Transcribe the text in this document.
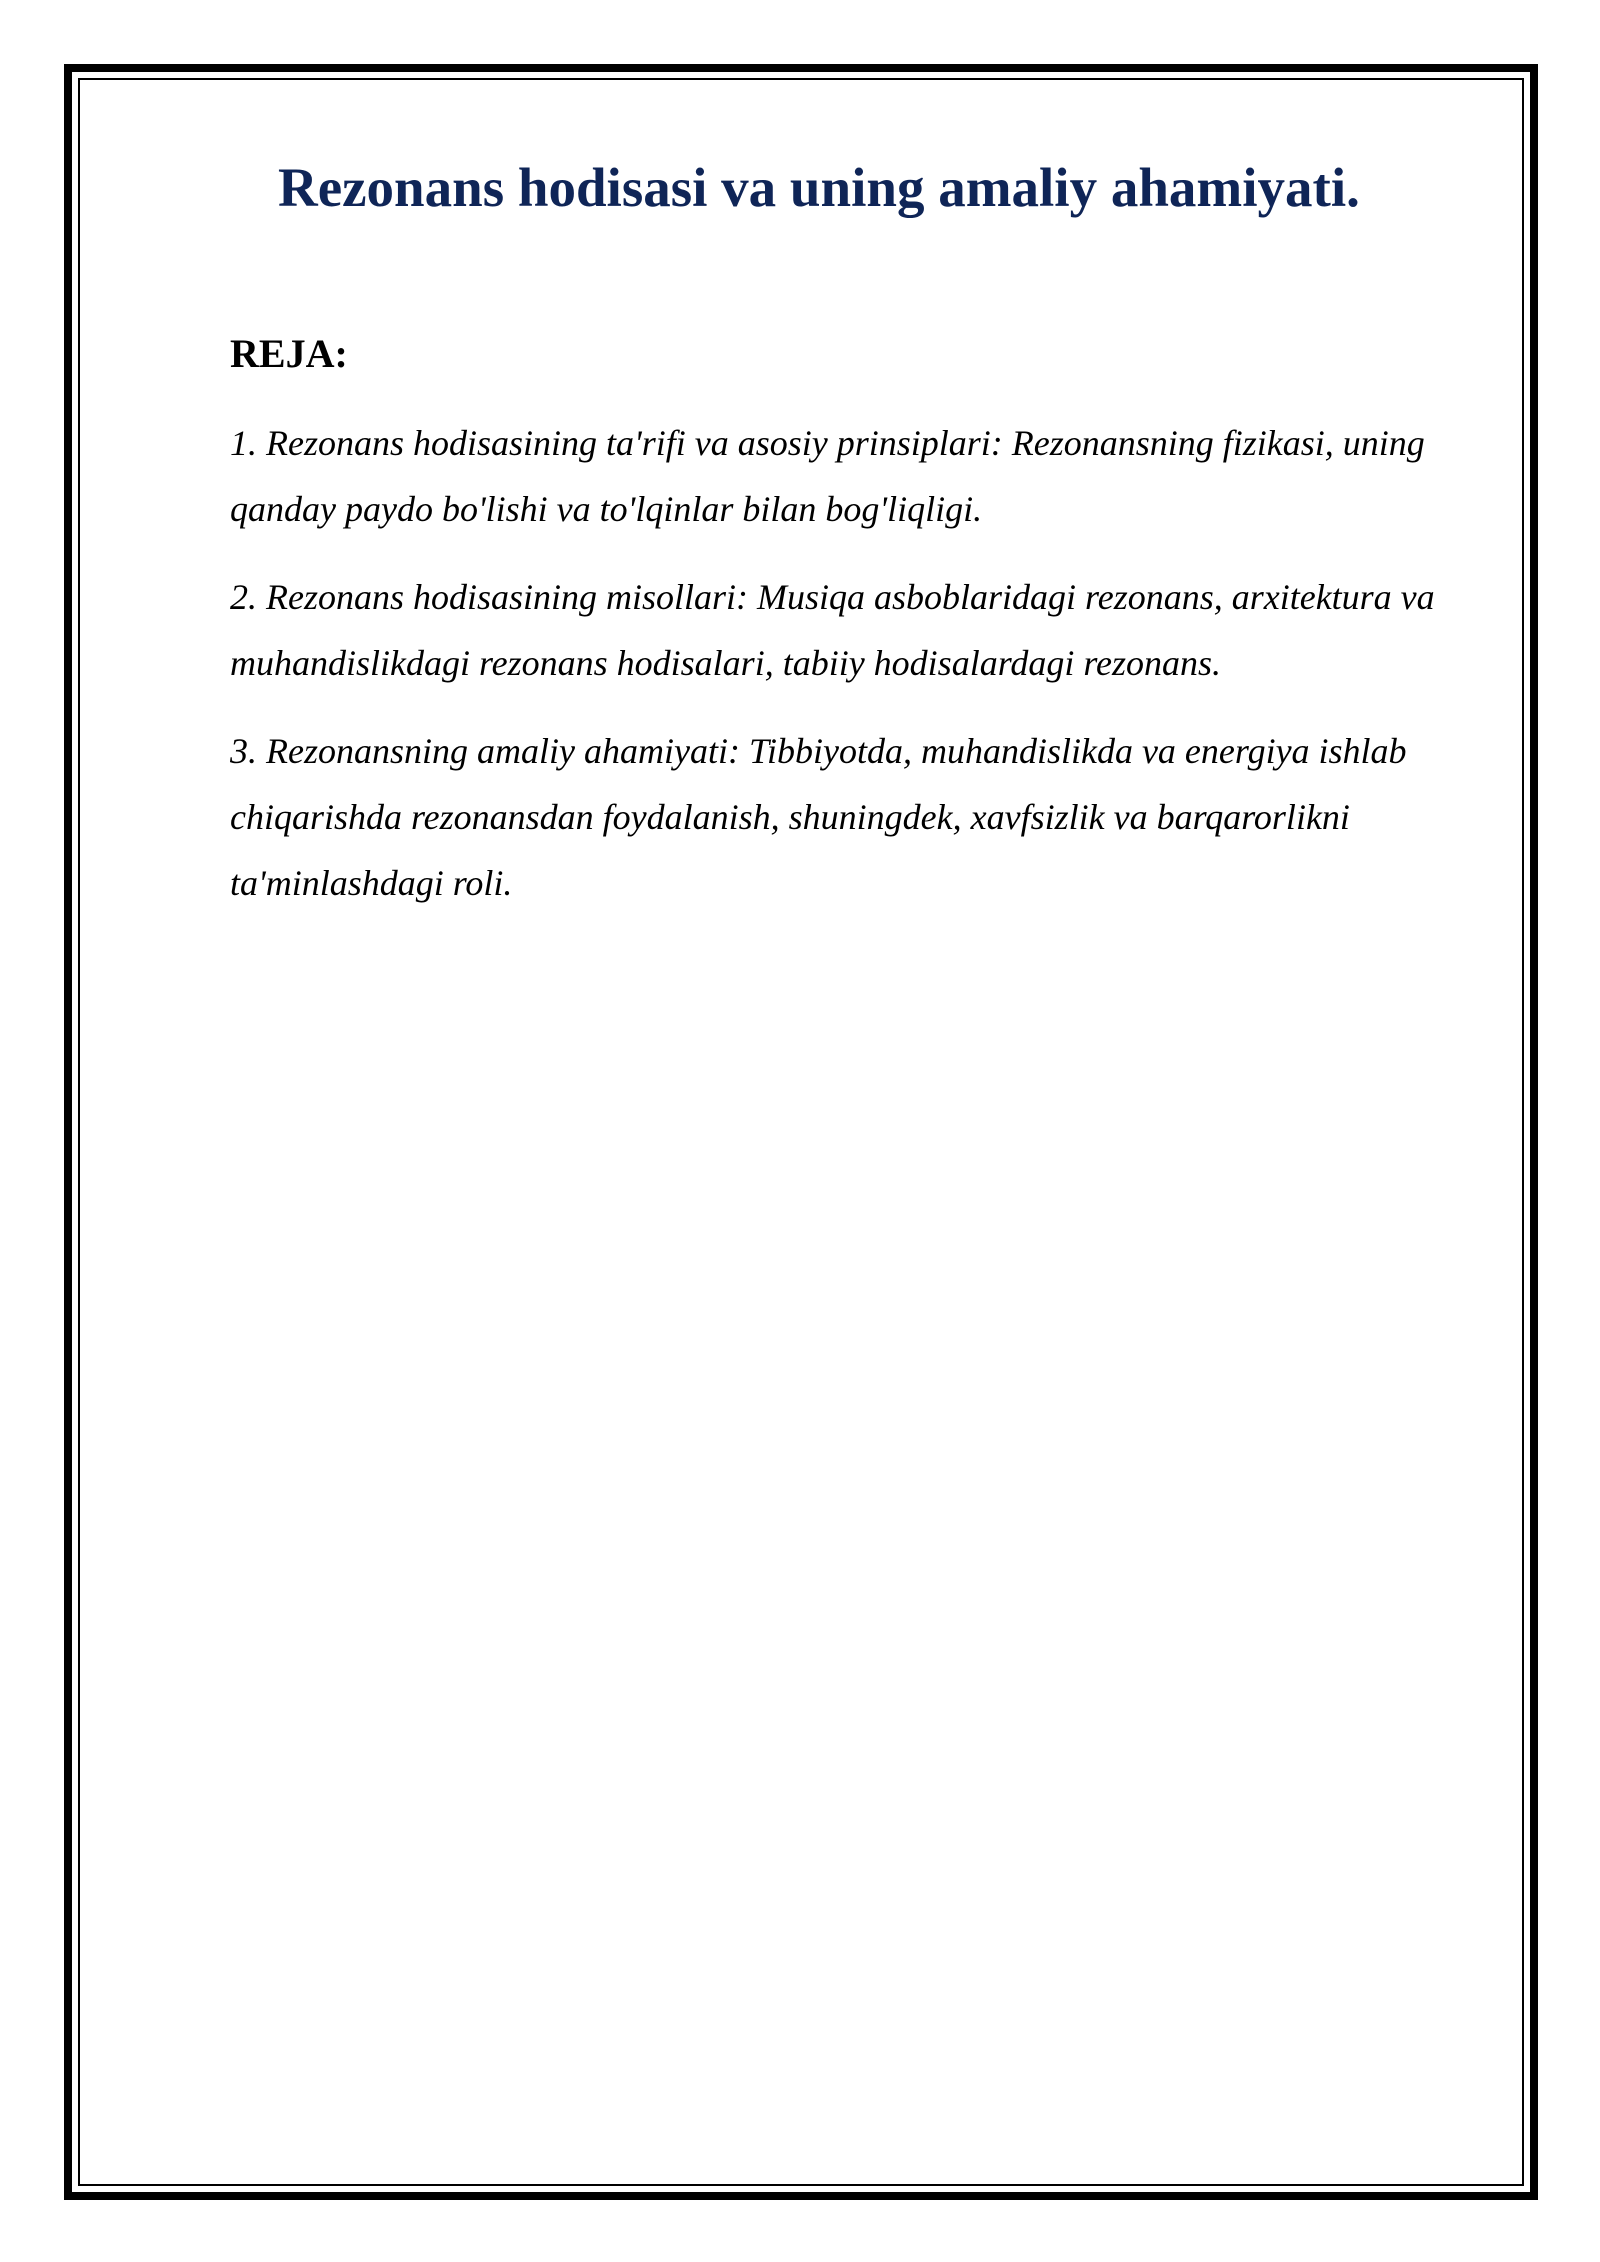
Rezonans hodisasi va uning amaliy ahamiyati.
REJA:
1. Rezonans hodisasining ta'rifi va asosiy prinsiplari: Rezonansning fizikasi, uning qanday paydo bo'lishi va to'lqinlar bilan bog'liqligi.
2. Rezonans hodisasining misollari: Musiqa asboblaridagi rezonans, arxitektura va muhandislikdagi rezonans hodisalari, tabiiy hodisalardagi rezonans.
3. Rezonansning amaliy ahamiyati: Tibbiyotda, muhandislikda va energiya ishlab chiqarishda rezonansdan foydalanish, shuningdek, xavfsizlik va barqarorlikni ta'minlashdagi roli.
